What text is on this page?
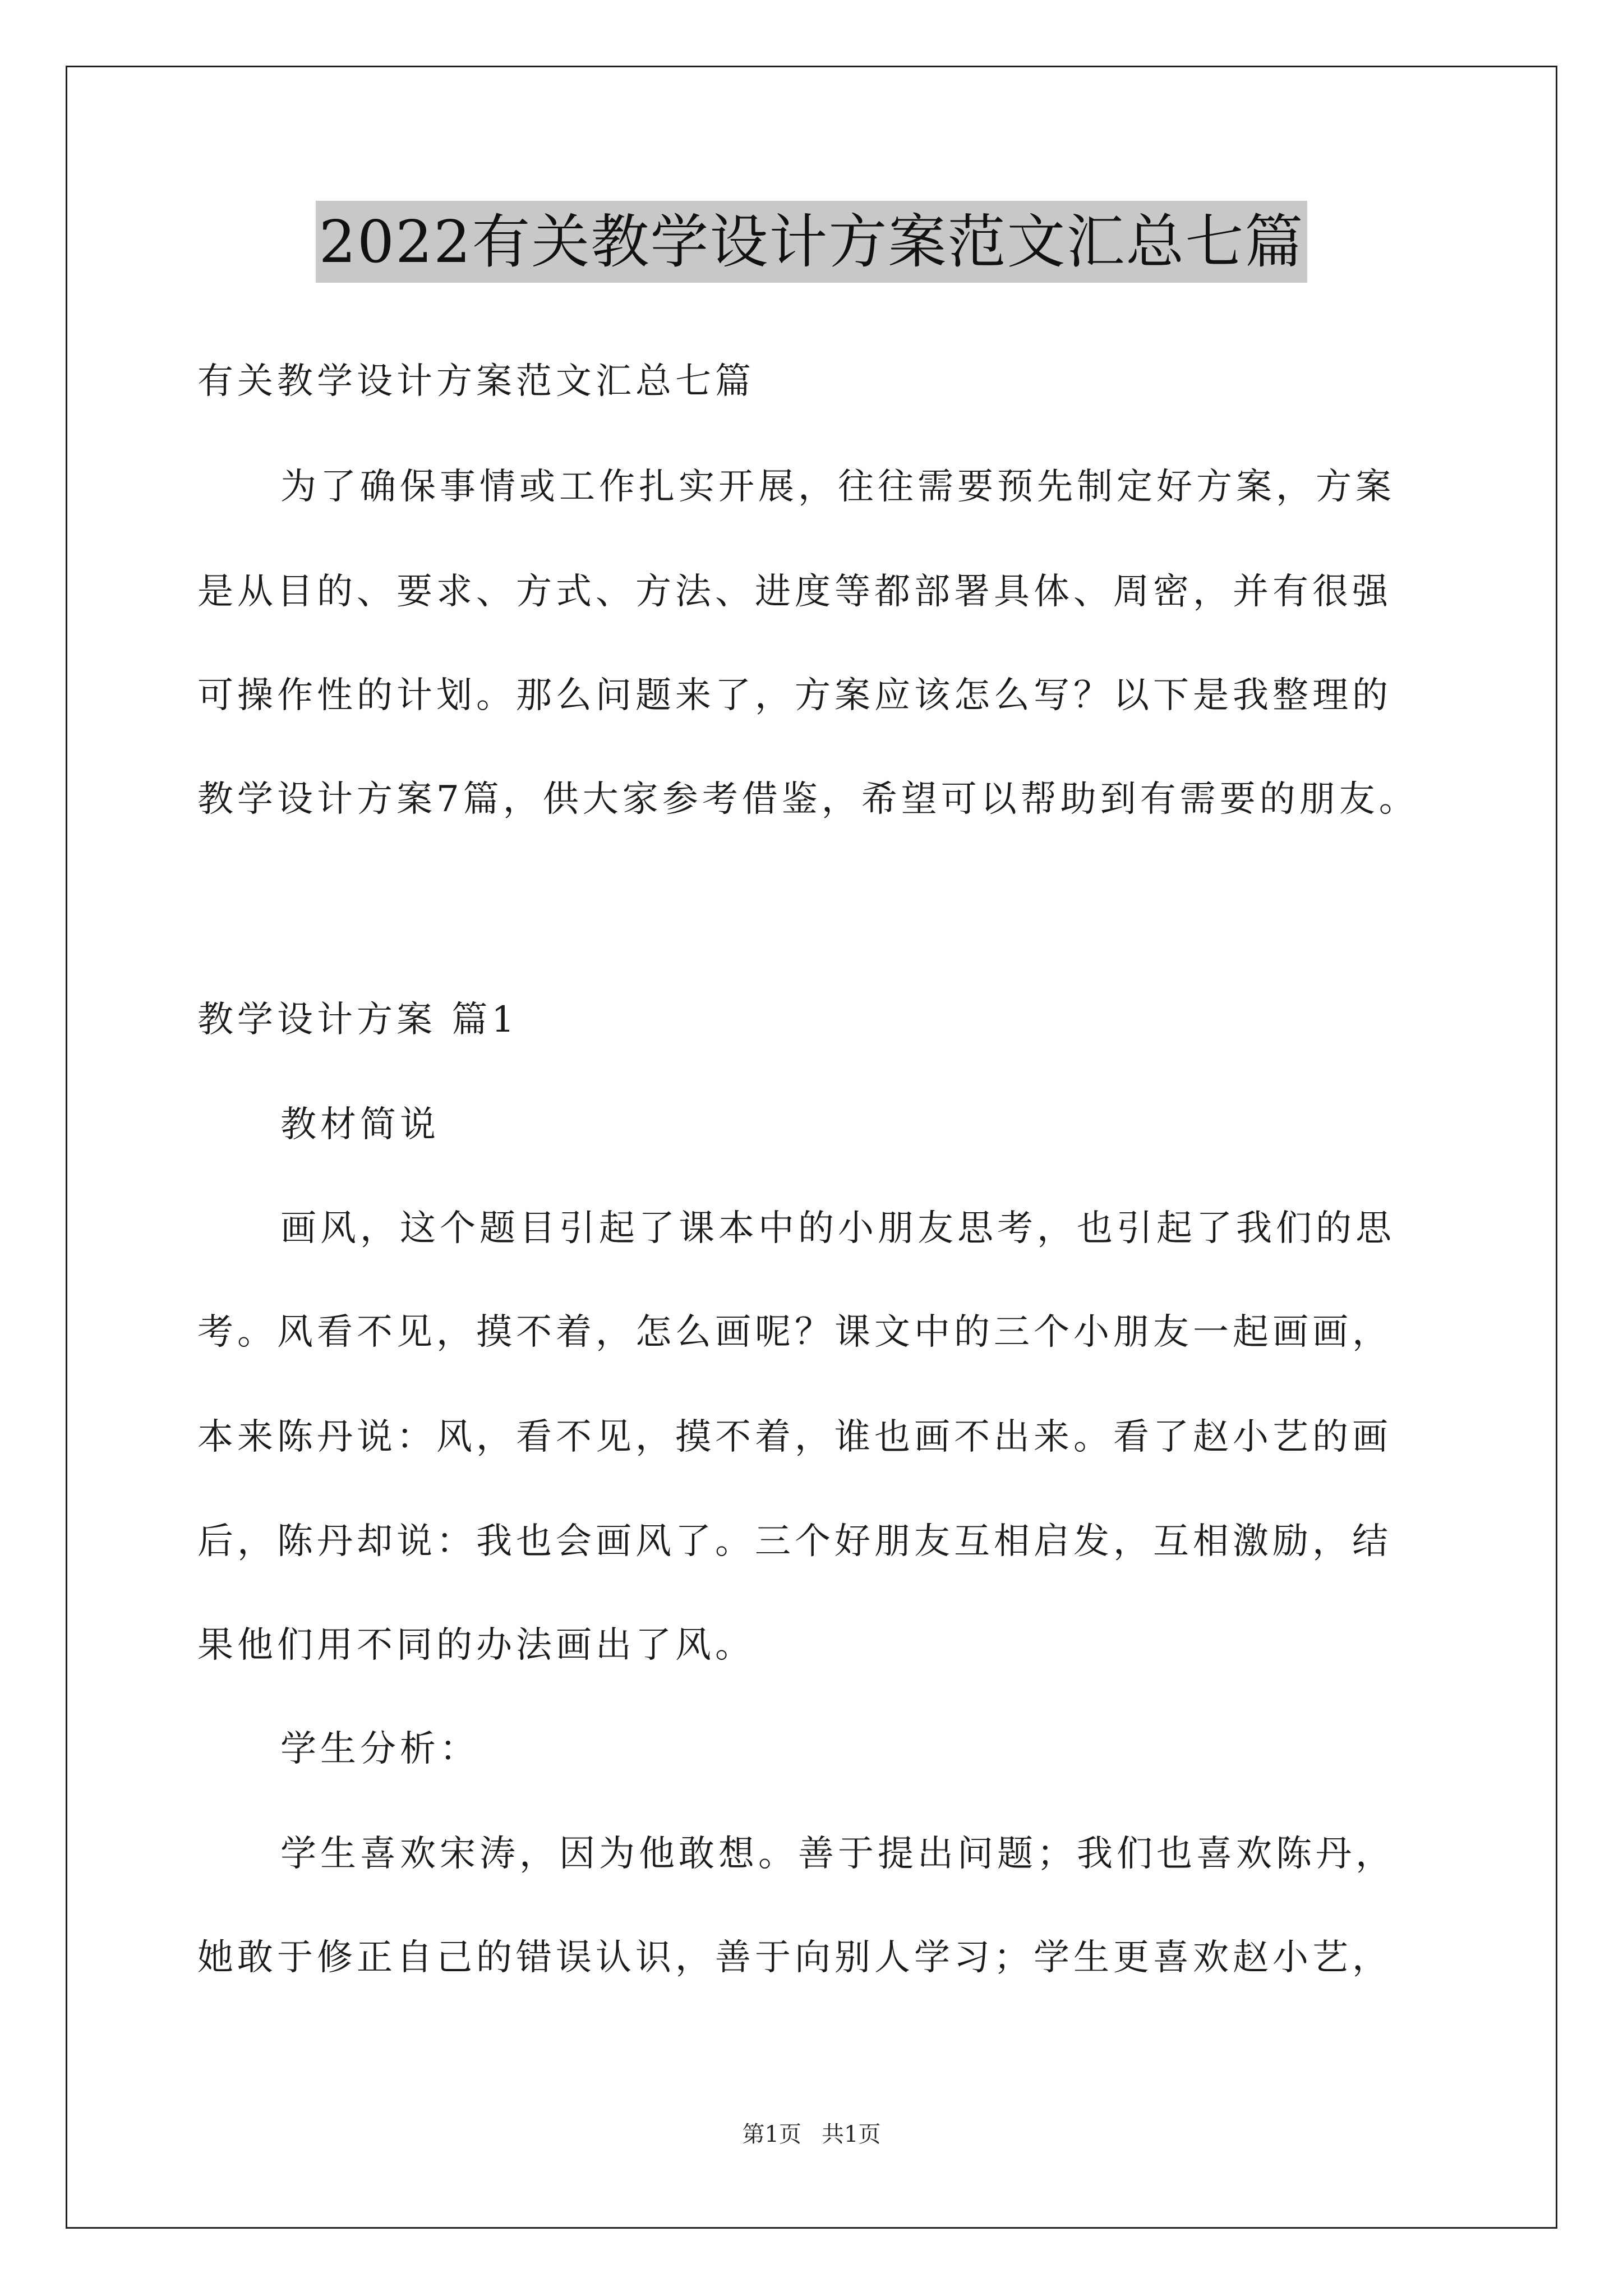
2022有关教学设计方案范文汇总七篇
有关教学设计方案范文汇总七篇
为了确保事情或工作扎实开展，往往需要预先制定好方案，方案
是从目的、要求、方式、方法、进度等都部署具体、周密，并有很强
可操作性的计划。那么问题来了，方案应该怎么写？以下是我整理的
教学设计方案7篇，供大家参考借鉴，希望可以帮助到有需要的朋友。
教学设计方案 篇1
教材简说
画风，这个题目引起了课本中的小朋友思考，也引起了我们的思
考。风看不见，摸不着，怎么画呢？课文中的三个小朋友一起画画，
本来陈丹说：风，看不见，摸不着，谁也画不出来。看了赵小艺的画
后，陈丹却说：我也会画风了。三个好朋友互相启发，互相激励，结
果他们用不同的办法画出了风。
学生分析：
学生喜欢宋涛，因为他敢想。善于提出问题；我们也喜欢陈丹，
她敢于修正自己的错误认识，善于向别人学习；学生更喜欢赵小艺，
第1页 共1页
